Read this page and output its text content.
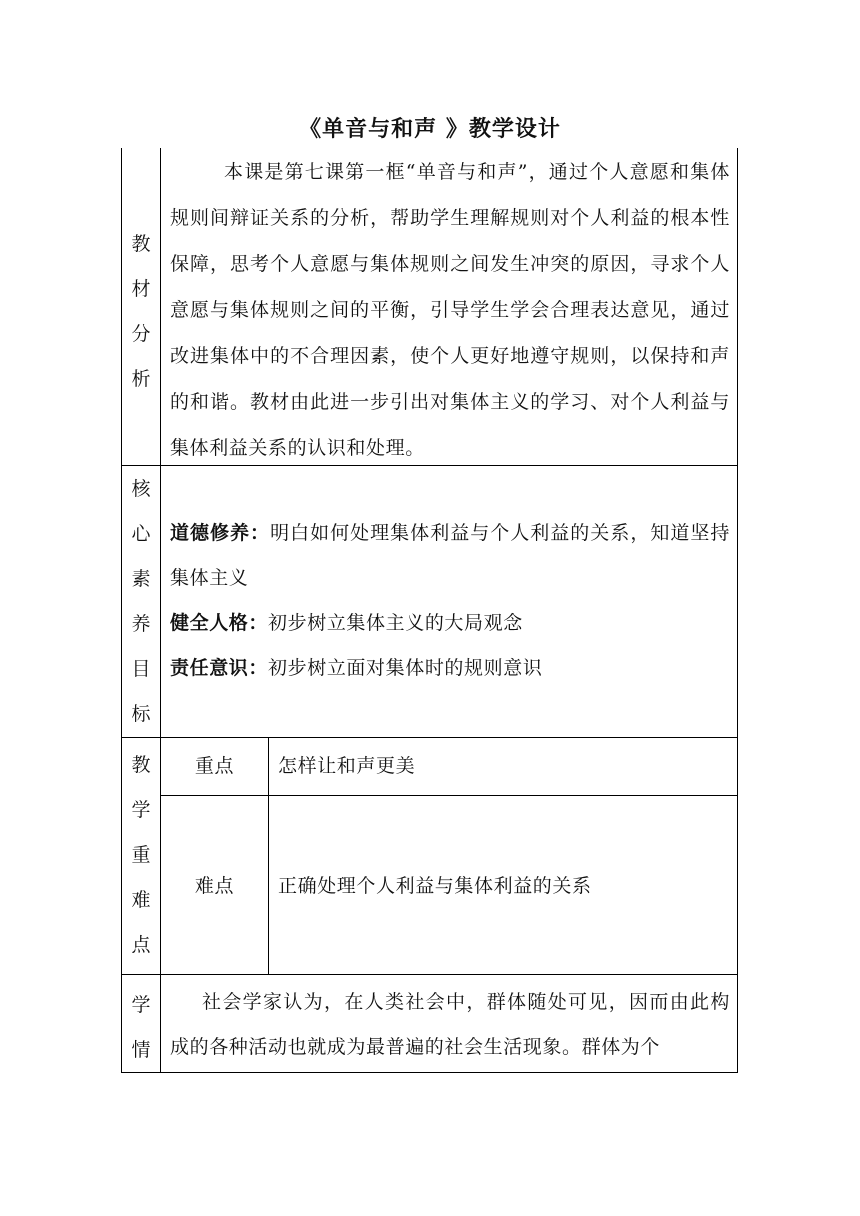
《单音与和声 》教学设计
教
材
分
析
本课是第七课第一框“单音与和声”，通过个人意愿和集体规则间辩证关系的分析，帮助学生理解规则对个人利益的根本性保障，思考个人意愿与集体规则之间发生冲突的原因，寻求个人意愿与集体规则之间的平衡，引导学生学会合理表达意见，通过改进集体中的不合理因素，使个人更好地遵守规则，以保持和声的和谐。教材由此进一步引出对集体主义的学习、对个人利益与集体利益关系的认识和处理。
核
心
素
养
目
标
道德修养：明白如何处理集体利益与个人利益的关系，知道坚持集体主义
健全人格：初步树立集体主义的大局观念
责任意识：初步树立面对集体时的规则意识
教
学
重
难
点
重点	怎样让和声更美
难点	正确处理个人利益与集体利益的关系
学
情
社会学家认为，在人类社会中，群体随处可见，因而由此构成的各种活动也就成为最普遍的社会生活现象。群体为个
